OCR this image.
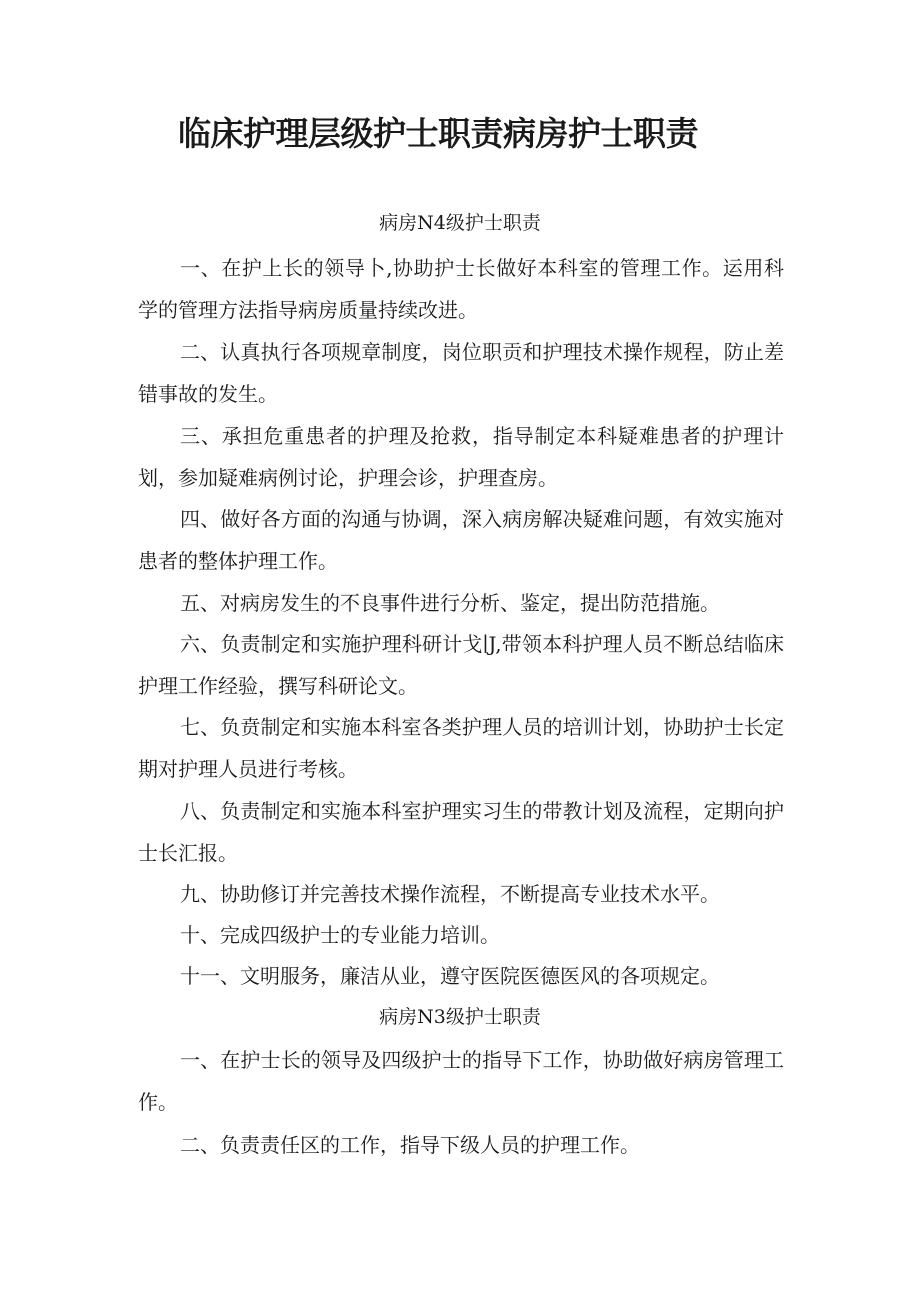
临床护理层级护士职责病房护士职责
病房N4级护士职责

一、在护上长的领导卜,协助护士长做好本科室的管理工作。运用科学的管理方法指导病房质量持续改进。

二、认真执行各项规章制度，岗位职贡和护理技术操作规程，防止差错事故的发生。

三、承担危重患者的护理及抢救，指导制定本科疑难患者的护理计划，参加疑难病例讨论，护理会诊，护理查房。

四、做好各方面的沟通与协调，深入病房解决疑难问题，有效实施对患者的整体护理工作。

五、对病房发生的不良事件进行分析、鉴定，提出防范措施。

六、负责制定和实施护理科研计戈∣J,带领本科护理人员不断总结临床护理工作经验，撰写科研论文。

七、负贲制定和实施本科室各类护理人员的培训计划，协助护士长定期对护理人员进行考核。

八、负责制定和实施本科室护理实习生的带教计划及流程，定期向护士长汇报。

九、协助修订并完善技术操作流程，不断提高专业技术水平。

十、完成四级护士的专业能力培训。

十一、文明服务，廉洁从业，遵守医院医德医风的各项规定。

病房N3级护士职责

一、在护士长的领导及四级护士的指导下工作，协助做好病房管理工作。

二、负责责任区的工作，指导下级人员的护理工作。
